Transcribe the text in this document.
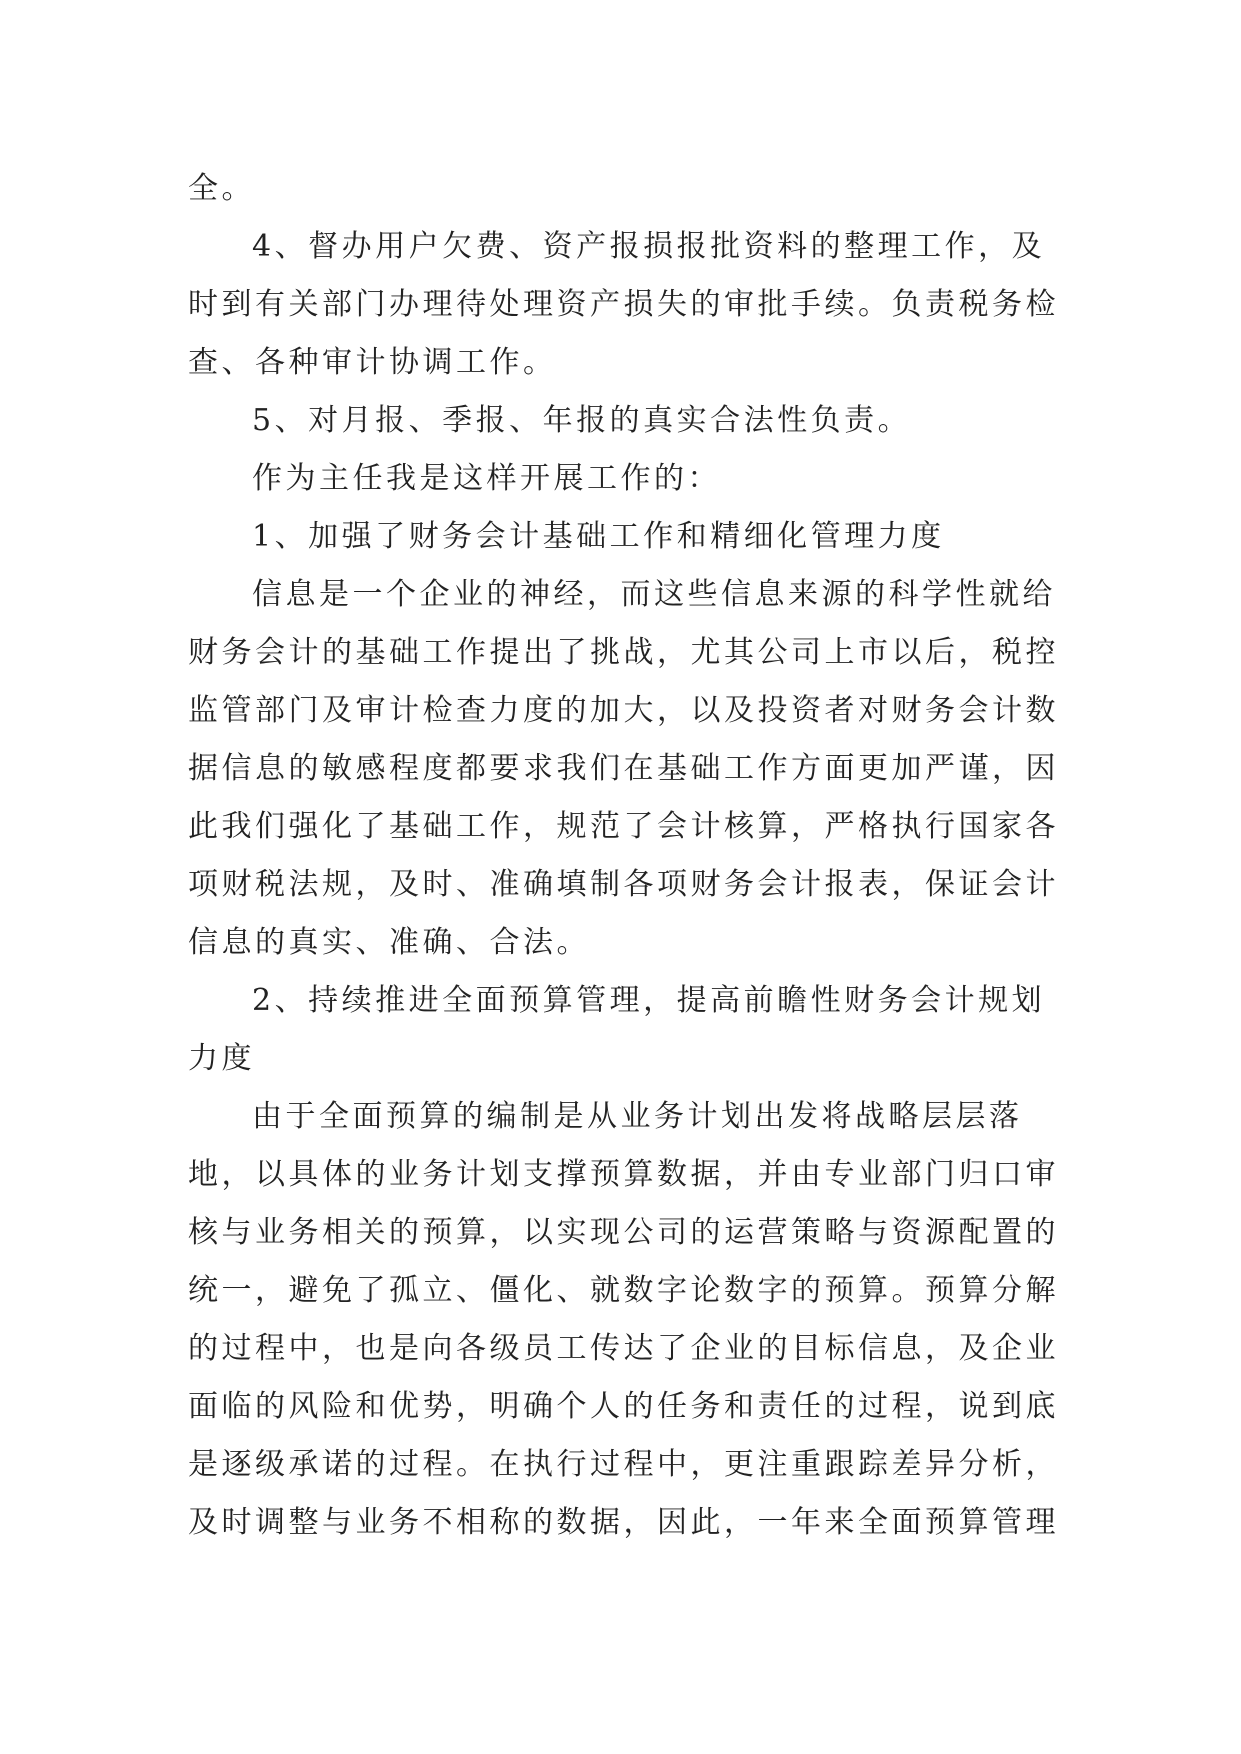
全。
4、督办用户欠费、资产报损报批资料的整理工作，及
时到有关部门办理待处理资产损失的审批手续。负责税务检
查、各种审计协调工作。
5、对月报、季报、年报的真实合法性负责。
作为主任我是这样开展工作的：
1、加强了财务会计基础工作和精细化管理力度
信息是一个企业的神经，而这些信息来源的科学性就给
财务会计的基础工作提出了挑战，尤其公司上市以后，税控
监管部门及审计检查力度的加大，以及投资者对财务会计数
据信息的敏感程度都要求我们在基础工作方面更加严谨，因
此我们强化了基础工作，规范了会计核算，严格执行国家各
项财税法规，及时、准确填制各项财务会计报表，保证会计
信息的真实、准确、合法。
2、持续推进全面预算管理，提高前瞻性财务会计规划
力度
由于全面预算的编制是从业务计划出发将战略层层落
地，以具体的业务计划支撑预算数据，并由专业部门归口审
核与业务相关的预算，以实现公司的运营策略与资源配置的
统一，避免了孤立、僵化、就数字论数字的预算。预算分解
的过程中，也是向各级员工传达了企业的目标信息，及企业
面临的风险和优势，明确个人的任务和责任的过程，说到底
是逐级承诺的过程。在执行过程中，更注重跟踪差异分析，
及时调整与业务不相称的数据，因此，一年来全面预算管理
